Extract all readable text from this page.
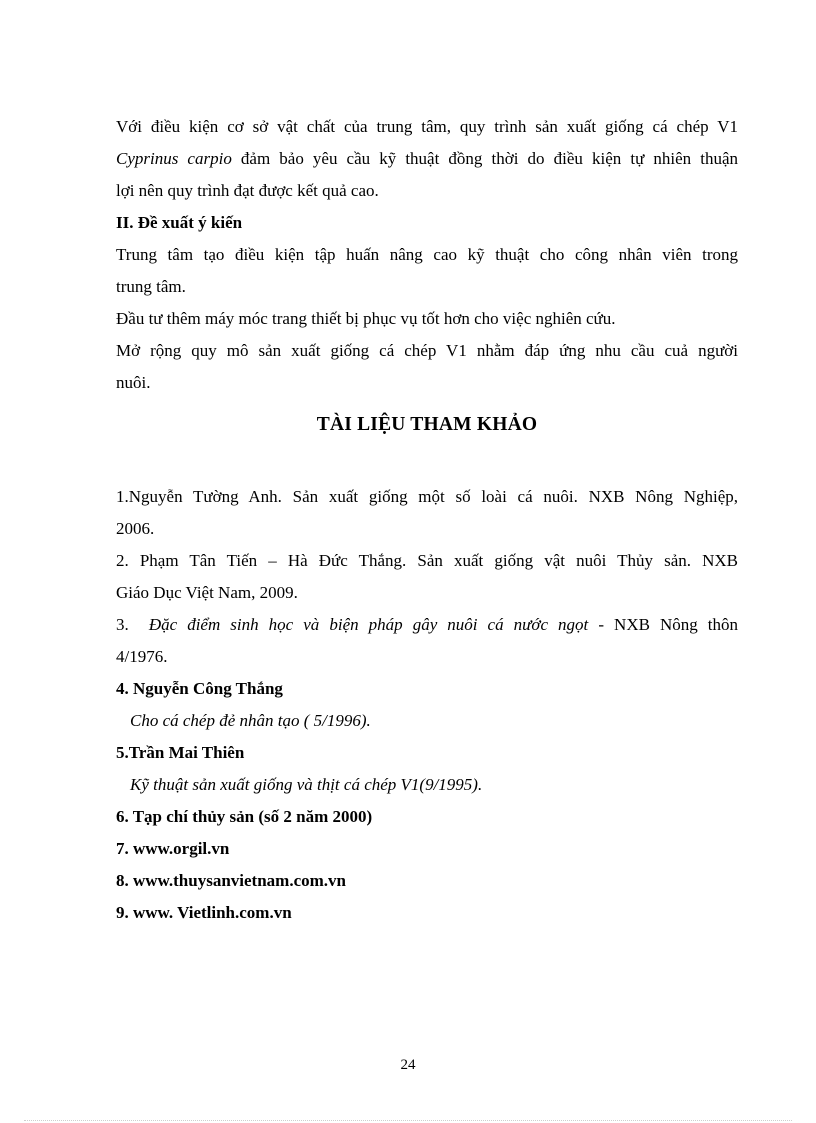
Với điều kiện cơ sở vật chất của trung tâm, quy trình sản xuất giống cá chép V1

Cyprinus carpio đảm bảo yêu cầu kỹ thuật đồng thời do điều kiện tự nhiên thuận

lợi nên quy trình đạt được kết quả cao.

II. Đề xuất ý kiến

Trung tâm tạo điều kiện tập huấn nâng cao kỹ thuật cho công nhân viên trong

trung tâm.

Đầu tư thêm máy móc trang thiết bị phục vụ tốt hơn cho việc nghiên cứu.

Mở rộng quy mô sản xuất giống cá chép V1 nhằm đáp ứng nhu cầu cuả người

nuôi.

TÀI LIỆU THAM KHẢO

1.Nguyễn Tường Anh. Sản xuất giống một số loài cá nuôi. NXB Nông Nghiệp,

2006.

2. Phạm Tân Tiến – Hà Đức Thắng. Sản xuất giống vật nuôi Thủy sản. NXB

Giáo Dục Việt Nam, 2009.

3.  Đặc điểm sinh học và biện pháp gây nuôi cá nước ngọt - NXB Nông thôn

4/1976.

4. Nguyễn Công Thắng

Cho cá chép đẻ nhân tạo ( 5/1996).

5.Trần Mai Thiên

Kỹ thuật sản xuất giống và thịt cá chép V1(9/1995).

6. Tạp chí thủy sản (số 2 năm 2000)

7. www.orgil.vn

8. www.thuysanvietnam.com.vn

9. www. Vietlinh.com.vn

24
